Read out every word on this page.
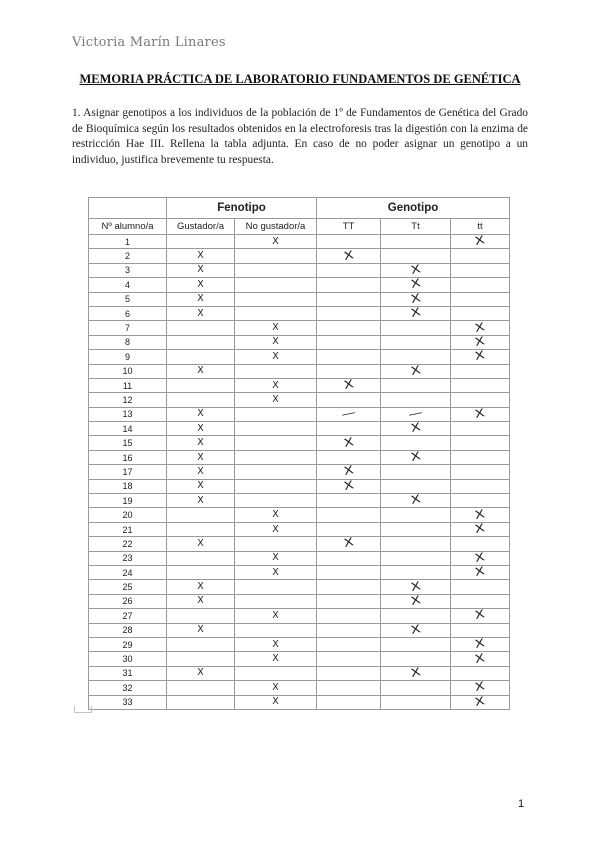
Victoria Marín Linares
MEMORIA PRÁCTICA DE LABORATORIO FUNDAMENTOS DE GENÉTICA
1. Asignar genotipos a los individuos de la población de 1º de Fundamentos de Genética del Grado de Bioquímica según los resultados obtenidos en la electroforesis tras la digestión con la enzima de restricción Hae III. Rellena la tabla adjunta. En caso de no poder asignar un genotipo a un individuo, justifica brevemente tu respuesta.
	Fenotipo		Genotipo		
Nº alumno/a	Gustador/a	No gustador/a	TT	Tt	tt
1		X			X
2	X		X		
3	X			X	
4	X			X	
5	X			X	
6	X			X	
7		X			X
8		X			X
9		X			X
10	X			X	
11		X	X		
12		X			
13	X		—	—	X
14	X			X	
15	X		X		
16	X			X	
17	X		X		
18	X		X		
19	X			X	
20		X			X
21		X			X
22	X		X		
23		X			X
24		X			X
25	X			X	
26	X			X	
27		X			X
28	X			X	
29		X			X
30		X			X
31	X			X	
32		X			X
33		X			X
1
